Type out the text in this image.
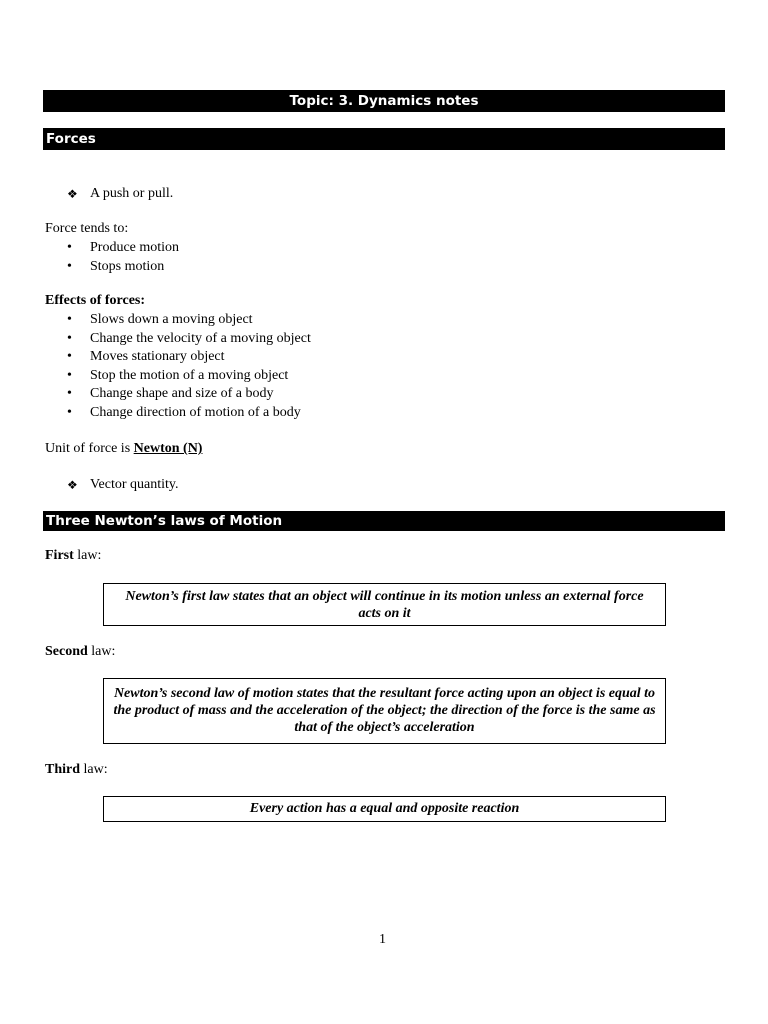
Topic: 3. Dynamics notes
Forces
❖
A push or pull.
Force tends to:
•
Produce motion
•
Stops motion
Effects of forces:
•
Slows down a moving object
•
Change the velocity of a moving object
•
Moves stationary object
•
Stop the motion of a moving object
•
Change shape and size of a body
•
Change direction of motion of a body
Unit of force is Newton (N)
❖
Vector quantity.
Three Newton’s laws of Motion
First law:
Newton’s first law states that an object will continue in its motion unless an external force acts on it
Second law:
Newton’s second law of motion states that the resultant force acting upon an object is equal to the product of mass and the acceleration of the object; the direction of the force is the same as that of the object’s acceleration
Third law:
Every action has a equal and opposite reaction
1
